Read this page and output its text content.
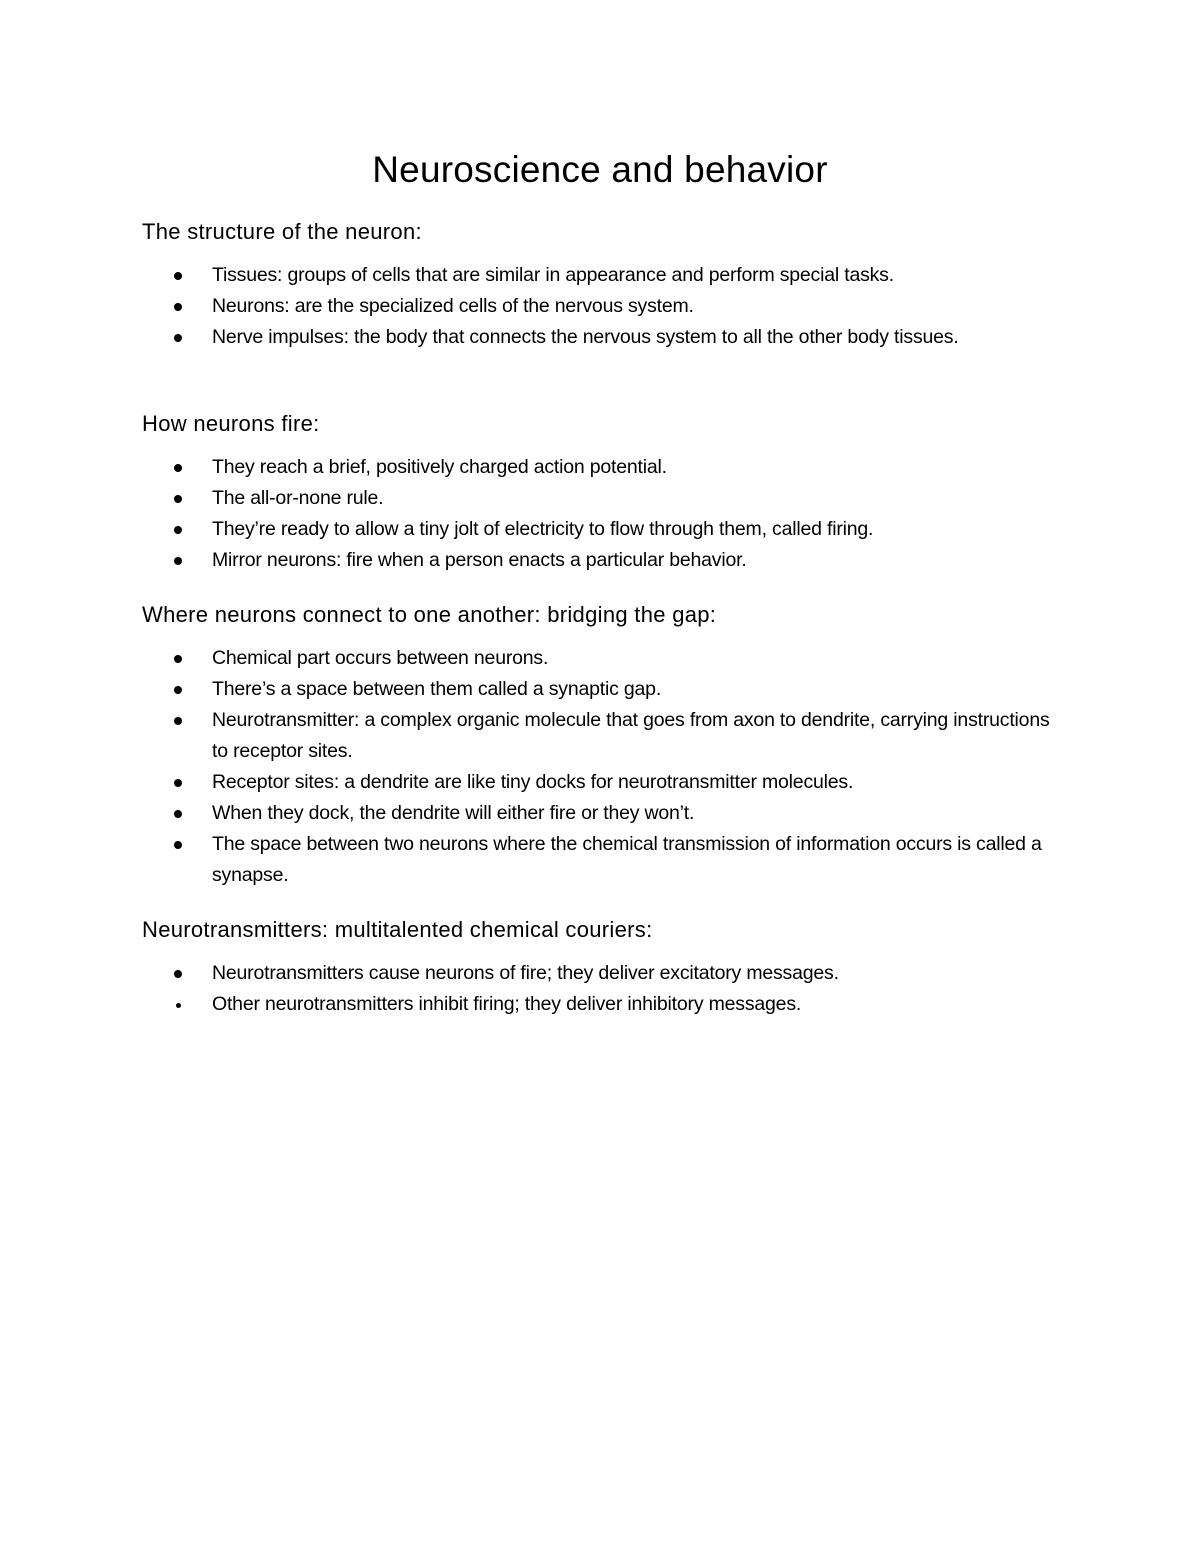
Neuroscience and behavior
The structure of the neuron:
Tissues: groups of cells that are similar in appearance and perform special tasks.
Neurons: are the specialized cells of the nervous system.
Nerve impulses: the body that connects the nervous system to all the other body tissues.
How neurons fire:
They reach a brief, positively charged action potential.
The all-or-none rule.
They’re ready to allow a tiny jolt of electricity to flow through them, called firing.
Mirror neurons: fire when a person enacts a particular behavior.
Where neurons connect to one another: bridging the gap:
Chemical part occurs between neurons.
There’s a space between them called a synaptic gap.
Neurotransmitter: a complex organic molecule that goes from axon to dendrite, carrying instructions to receptor sites.
Receptor sites: a dendrite are like tiny docks for neurotransmitter molecules.
When they dock, the dendrite will either fire or they won’t.
The space between two neurons where the chemical transmission of information occurs is called a synapse.
Neurotransmitters: multitalented chemical couriers:
Neurotransmitters cause neurons of fire; they deliver excitatory messages.
Other neurotransmitters inhibit firing; they deliver inhibitory messages.
